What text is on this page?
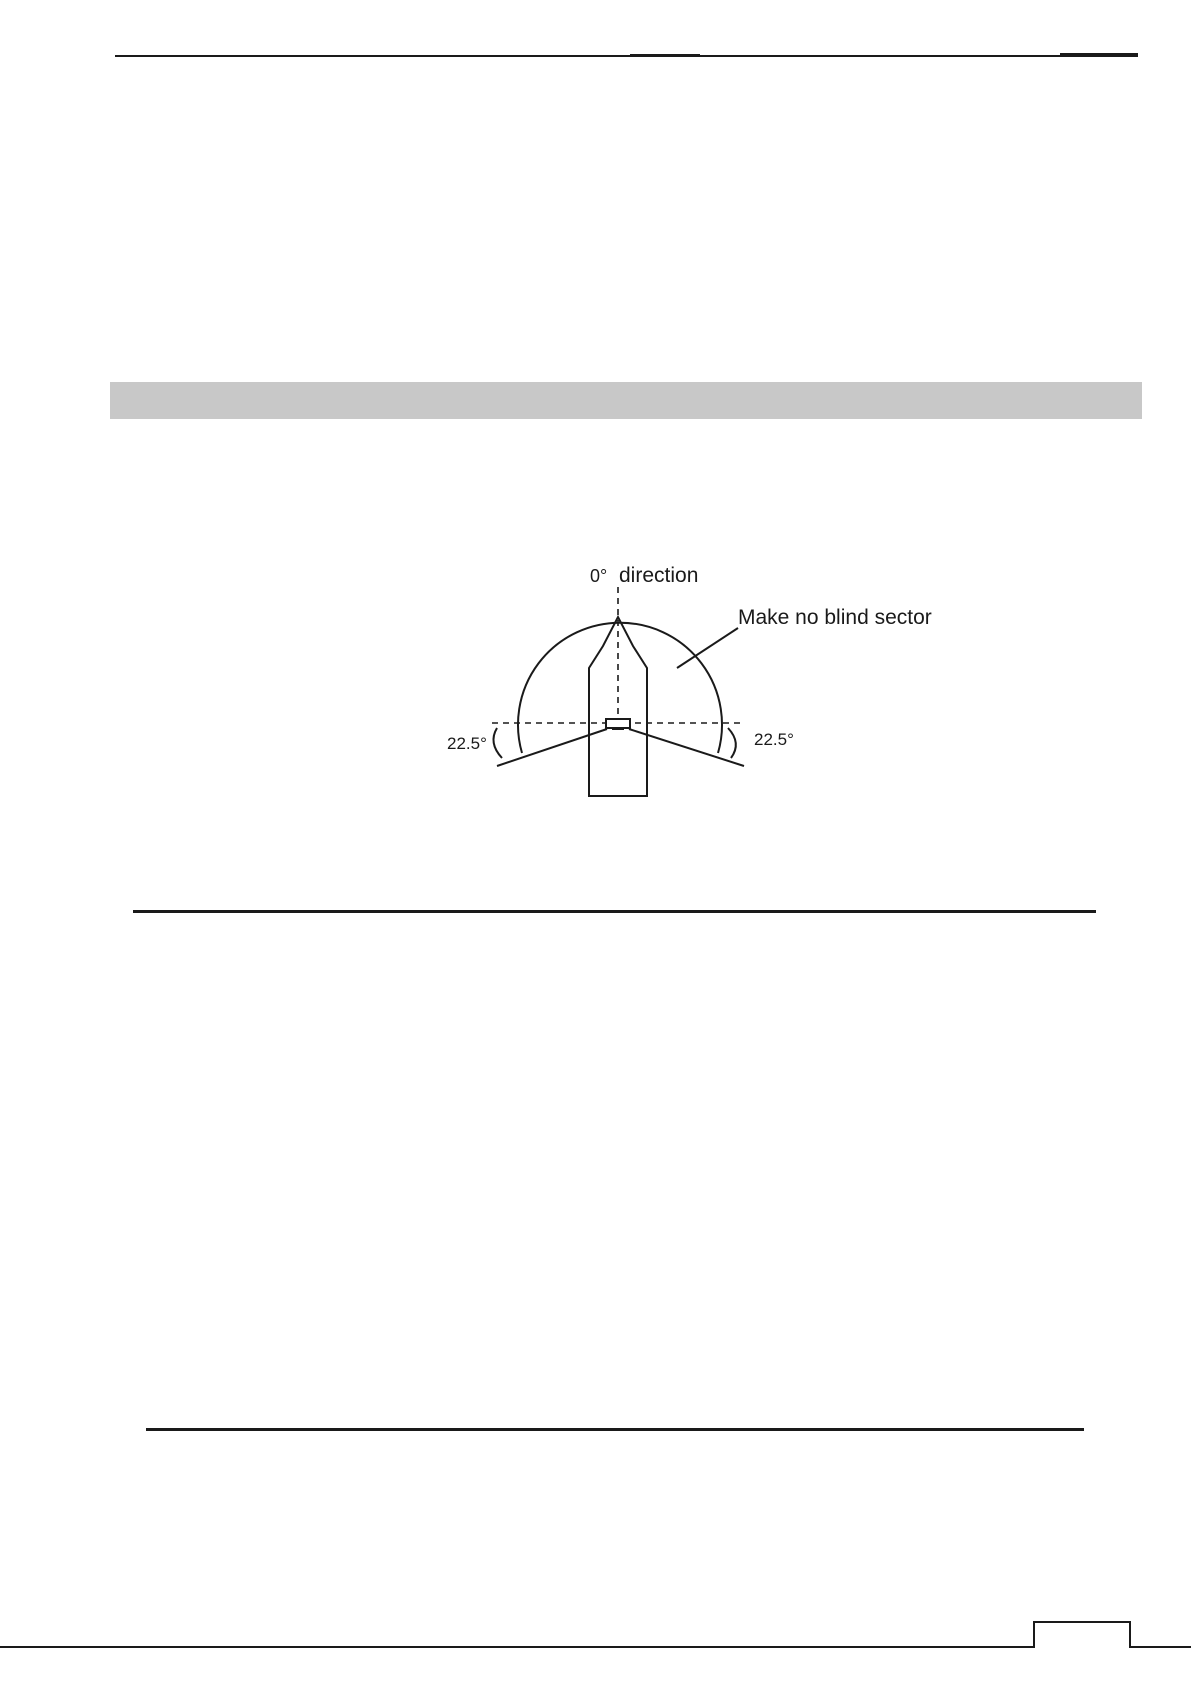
0° direction
Make no blind sector
22.5°	22.5°
